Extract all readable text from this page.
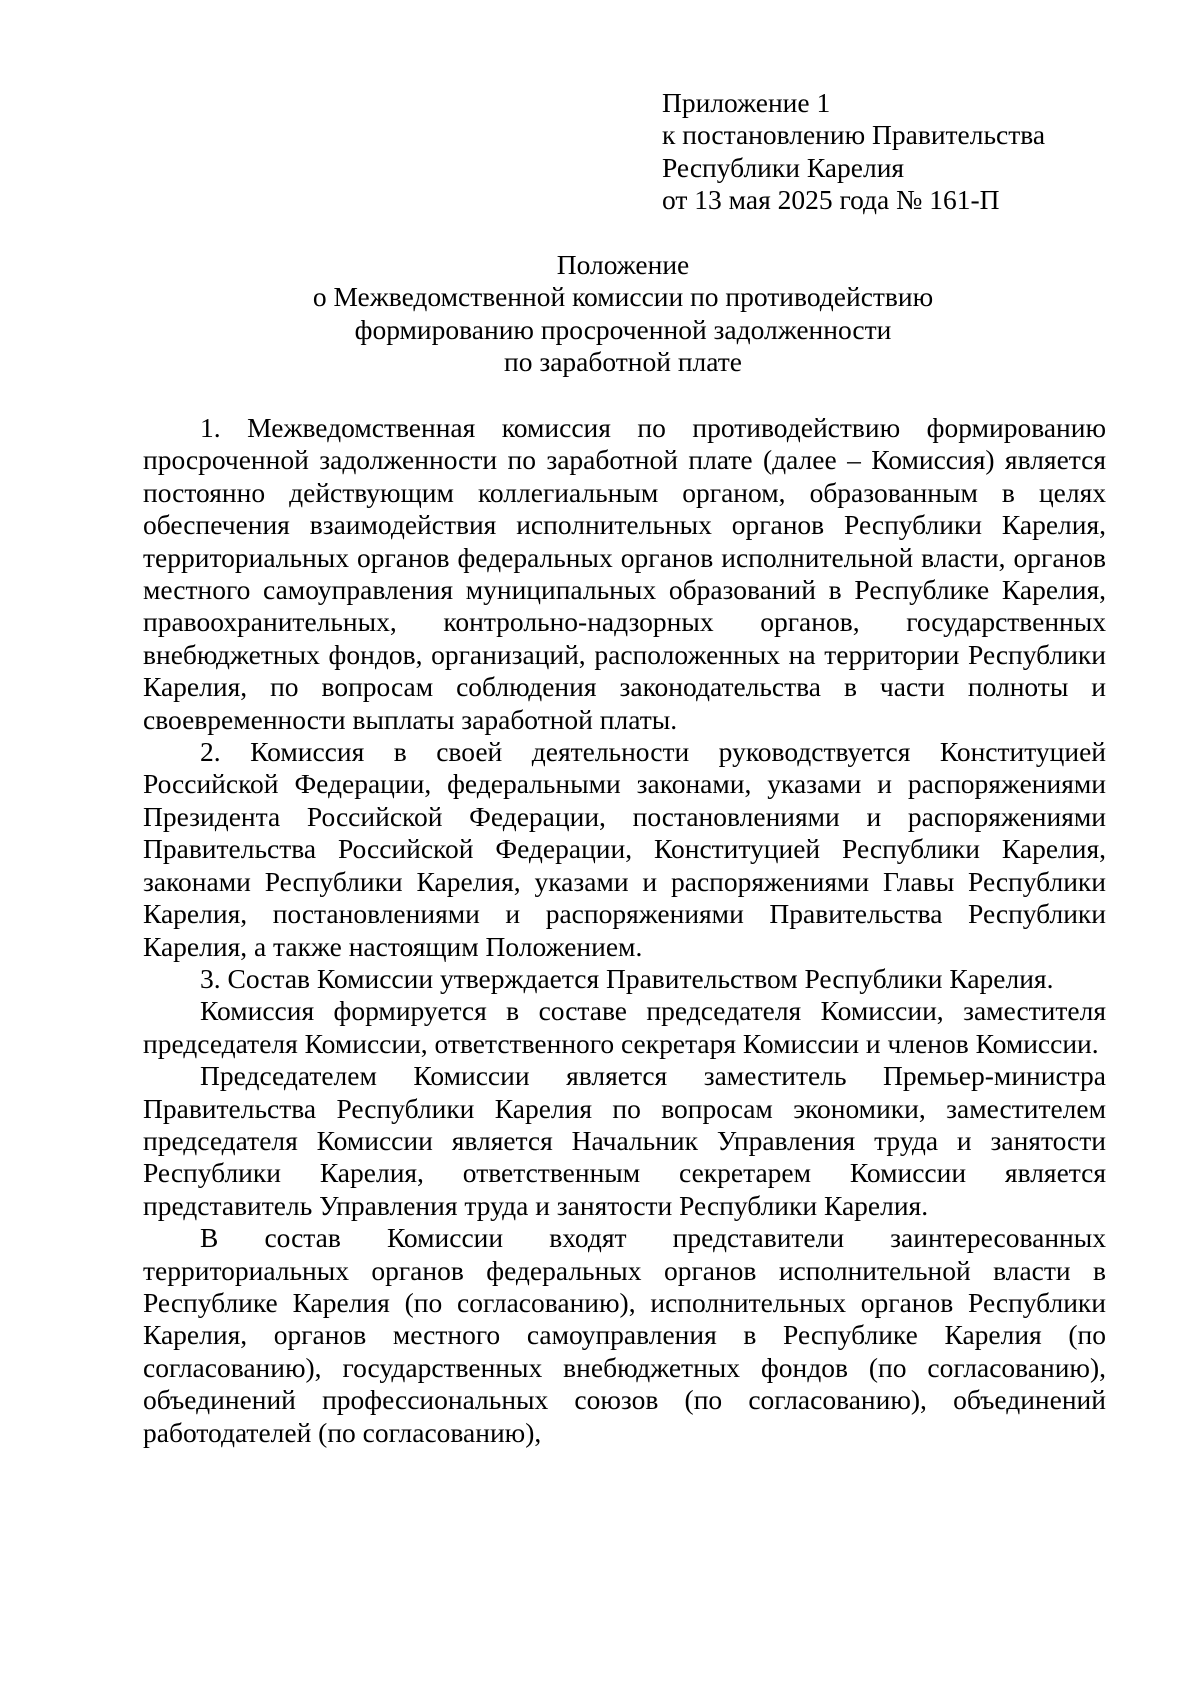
Приложение 1
к постановлению Правительства
Республики Карелия
от 13 мая 2025 года № 161-П
Положение
о Межведомственной комиссии по противодействию
формированию просроченной задолженности
по заработной плате

1. Межведомственная комиссия по противодействию формированию просроченной задолженности по заработной плате (далее – Комиссия) является постоянно действующим коллегиальным органом, образованным в целях обеспечения взаимодействия исполнительных органов Республики Карелия, территориальных органов федеральных органов исполнительной власти, органов местного самоуправления муниципальных образований в Республике Карелия, правоохранительных, контрольно-надзорных органов, государственных внебюджетных фондов, организаций, расположенных на территории Республики Карелия, по вопросам соблюдения законодательства в части полноты и своевременности выплаты заработной платы.

2. Комиссия в своей деятельности руководствуется Конституцией Российской Федерации, федеральными законами, указами и распоряжениями Президента Российской Федерации, постановлениями и распоряжениями Правительства Российской Федерации, Конституцией Республики Карелия, законами Республики Карелия, указами и распоряжениями Главы Республики Карелия, постановлениями и распоряжениями Правительства Республики Карелия, а также настоящим Положением.

3. Состав Комиссии утверждается Правительством Республики Карелия.

Комиссия формируется в составе председателя Комиссии, заместителя председателя Комиссии, ответственного секретаря Комиссии и членов Комиссии.

Председателем Комиссии является заместитель Премьер-министра Правительства Республики Карелия по вопросам экономики, заместителем председателя Комиссии является Начальник Управления труда и занятости Республики Карелия, ответственным секретарем Комиссии является представитель Управления труда и занятости Республики Карелия.

В состав Комиссии входят представители заинтересованных территориальных органов федеральных органов исполнительной власти в Республике Карелия (по согласованию), исполнительных органов Республики Карелия, органов местного самоуправления в Республике Карелия (по согласованию), государственных внебюджетных фондов (по согласованию), объединений профессиональных союзов (по согласованию), объединений работодателей (по согласованию),
